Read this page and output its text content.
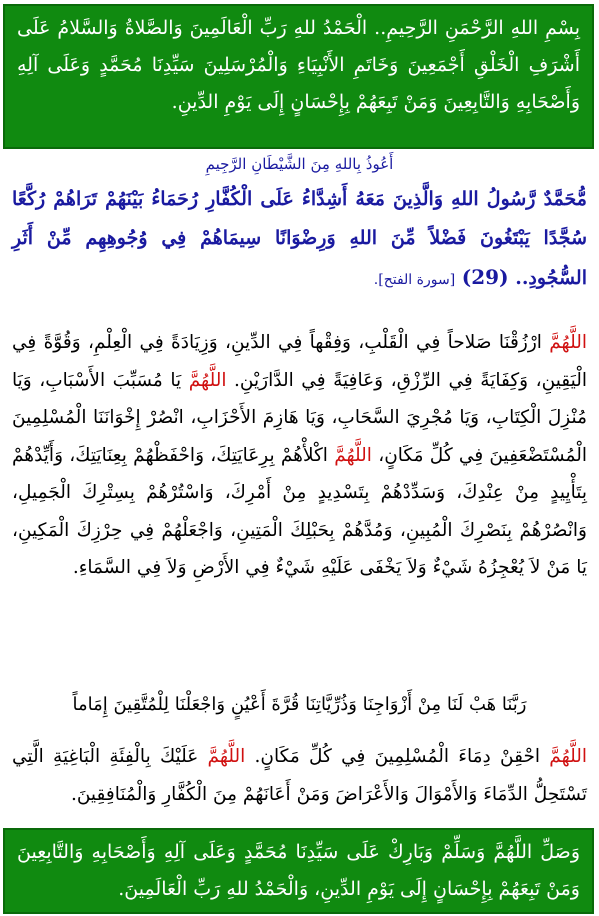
بِسْمِ اللهِ الرَّحْمَنِ الرَّحِيمِ.. الْحَمْدُ للهِ رَبِّ الْعَالَمِينَ وَالصَّلاةُ وَالسَّلامُ عَلَى أَشْرَفِ الْخَلْقِ أَجْمَعِينَ وَخَاتَمِ الأَنْبِيَاءِ وَالْمُرْسَلِينَ سَيِّدِنَا مُحَمَّدٍ وَعَلَى آلِهِ وَأَصْحَابِهِ وَالتَّابِعِينَ وَمَنْ تَبِعَهُمْ بِإِحْسَانٍ إِلَى يَوْمِ الدِّينِ.
أَعُوذُ بِاللهِ مِنَ الشَّيْطَانِ الرَّجِيمِ
مُّحَمَّدٌ رَّسُولُ اللهِ وَالَّذِينَ مَعَهُ أَشِدَّاءُ عَلَى الْكُفَّارِ رُحَمَاءُ بَيْنَهُمْ تَرَاهُمْ رُكَّعًا سُجَّدًا يَبْتَغُونَ فَضْلاً مِّنَ اللهِ وَرِضْوَانًا سِيمَاهُمْ فِي وُجُوهِهِم مِّنْ أَثَرِ السُّجُودِ.. (29) [سورة الفتح].
اللَّهُمَّ ارْزُقْنَا صَلاحاً فِي الْقَلْبِ، وَفِقْهاً فِي الدِّينِ، وَزِيَادَةً فِي الْعِلْمِ، وَقُوَّةً فِي الْيَقِينِ، وَكِفَايَةً فِي الرِّزْقِ، وَعَافِيَةً فِي الدَّارَيْنِ. اللَّهُمَّ يَا مُسَبِّبَ الأَسْبَابِ، وَيَا مُنْزِلَ الْكِتَابِ، وَيَا مُجْرِيَ السَّحَابِ، وَيَا هَازِمَ الأَحْزَابِ، انْصُرْ إِخْوَانَنَا الْمُسْلِمِينَ الْمُسْتَضْعَفِينَ فِي كُلِّ مَكَانٍ، اللَّهُمَّ اكْلأْهُمْ بِرِعَايَتِكَ، وَاحْفَظْهُمْ بِعِنَايَتِكَ، وَأَيِّدْهُمْ بِتَأْيِيدٍ مِنْ عِنْدِكَ، وَسَدِّدْهُمْ بِتَسْدِيدٍ مِنْ أَمْرِكَ، وَاسْتُرْهُمْ بِسِتْرِكَ الْجَمِيلِ، وَانْصُرْهُمْ بِنَصْرِكَ الْمُبِينِ، وَمُدَّهُمْ بِحَبْلِكَ الْمَتِينِ، وَاجْعَلْهُمْ فِي حِرْزِكَ الْمَكِينِ، يَا مَنْ لاَ يُعْجِزُهُ شَيْءٌ وَلاَ يَخْفَى عَلَيْهِ شَيْءٌ فِي الأَرْضِ وَلاَ فِي السَّمَاءِ.
رَبَّنَا هَبْ لَنَا مِنْ أَزْوَاجِنَا وَذُرِّيَّاتِنَا قُرَّةَ أَعْيُنٍ وَاجْعَلْنَا لِلْمُتَّقِينَ إِمَاماً
اللَّهُمَّ احْقِنْ دِمَاءَ الْمُسْلِمِينَ فِي كُلِّ مَكَانٍ. اللَّهُمَّ عَلَيْكَ بِالْفِئَةِ الْبَاغِيَةِ الَّتِي تَسْتَحِلُّ الدِّمَاءَ وَالأَمْوَالَ وَالأَعْرَاضَ وَمَنْ أَعَانَهُمْ مِنَ الْكُفَّارِ وَالْمُنَافِقِينَ.
وَصَلِّ اللَّهُمَّ وَسَلِّمْ وَبَارِكْ عَلَى سَيِّدِنَا مُحَمَّدٍ وَعَلَى آلِهِ وَأَصْحَابِهِ وَالتَّابِعِينَ وَمَنْ تَبِعَهُمْ بِإِحْسَانٍ إِلَى يَوْمِ الدِّينِ، وَالْحَمْدُ للهِ رَبِّ الْعَالَمِينَ.
